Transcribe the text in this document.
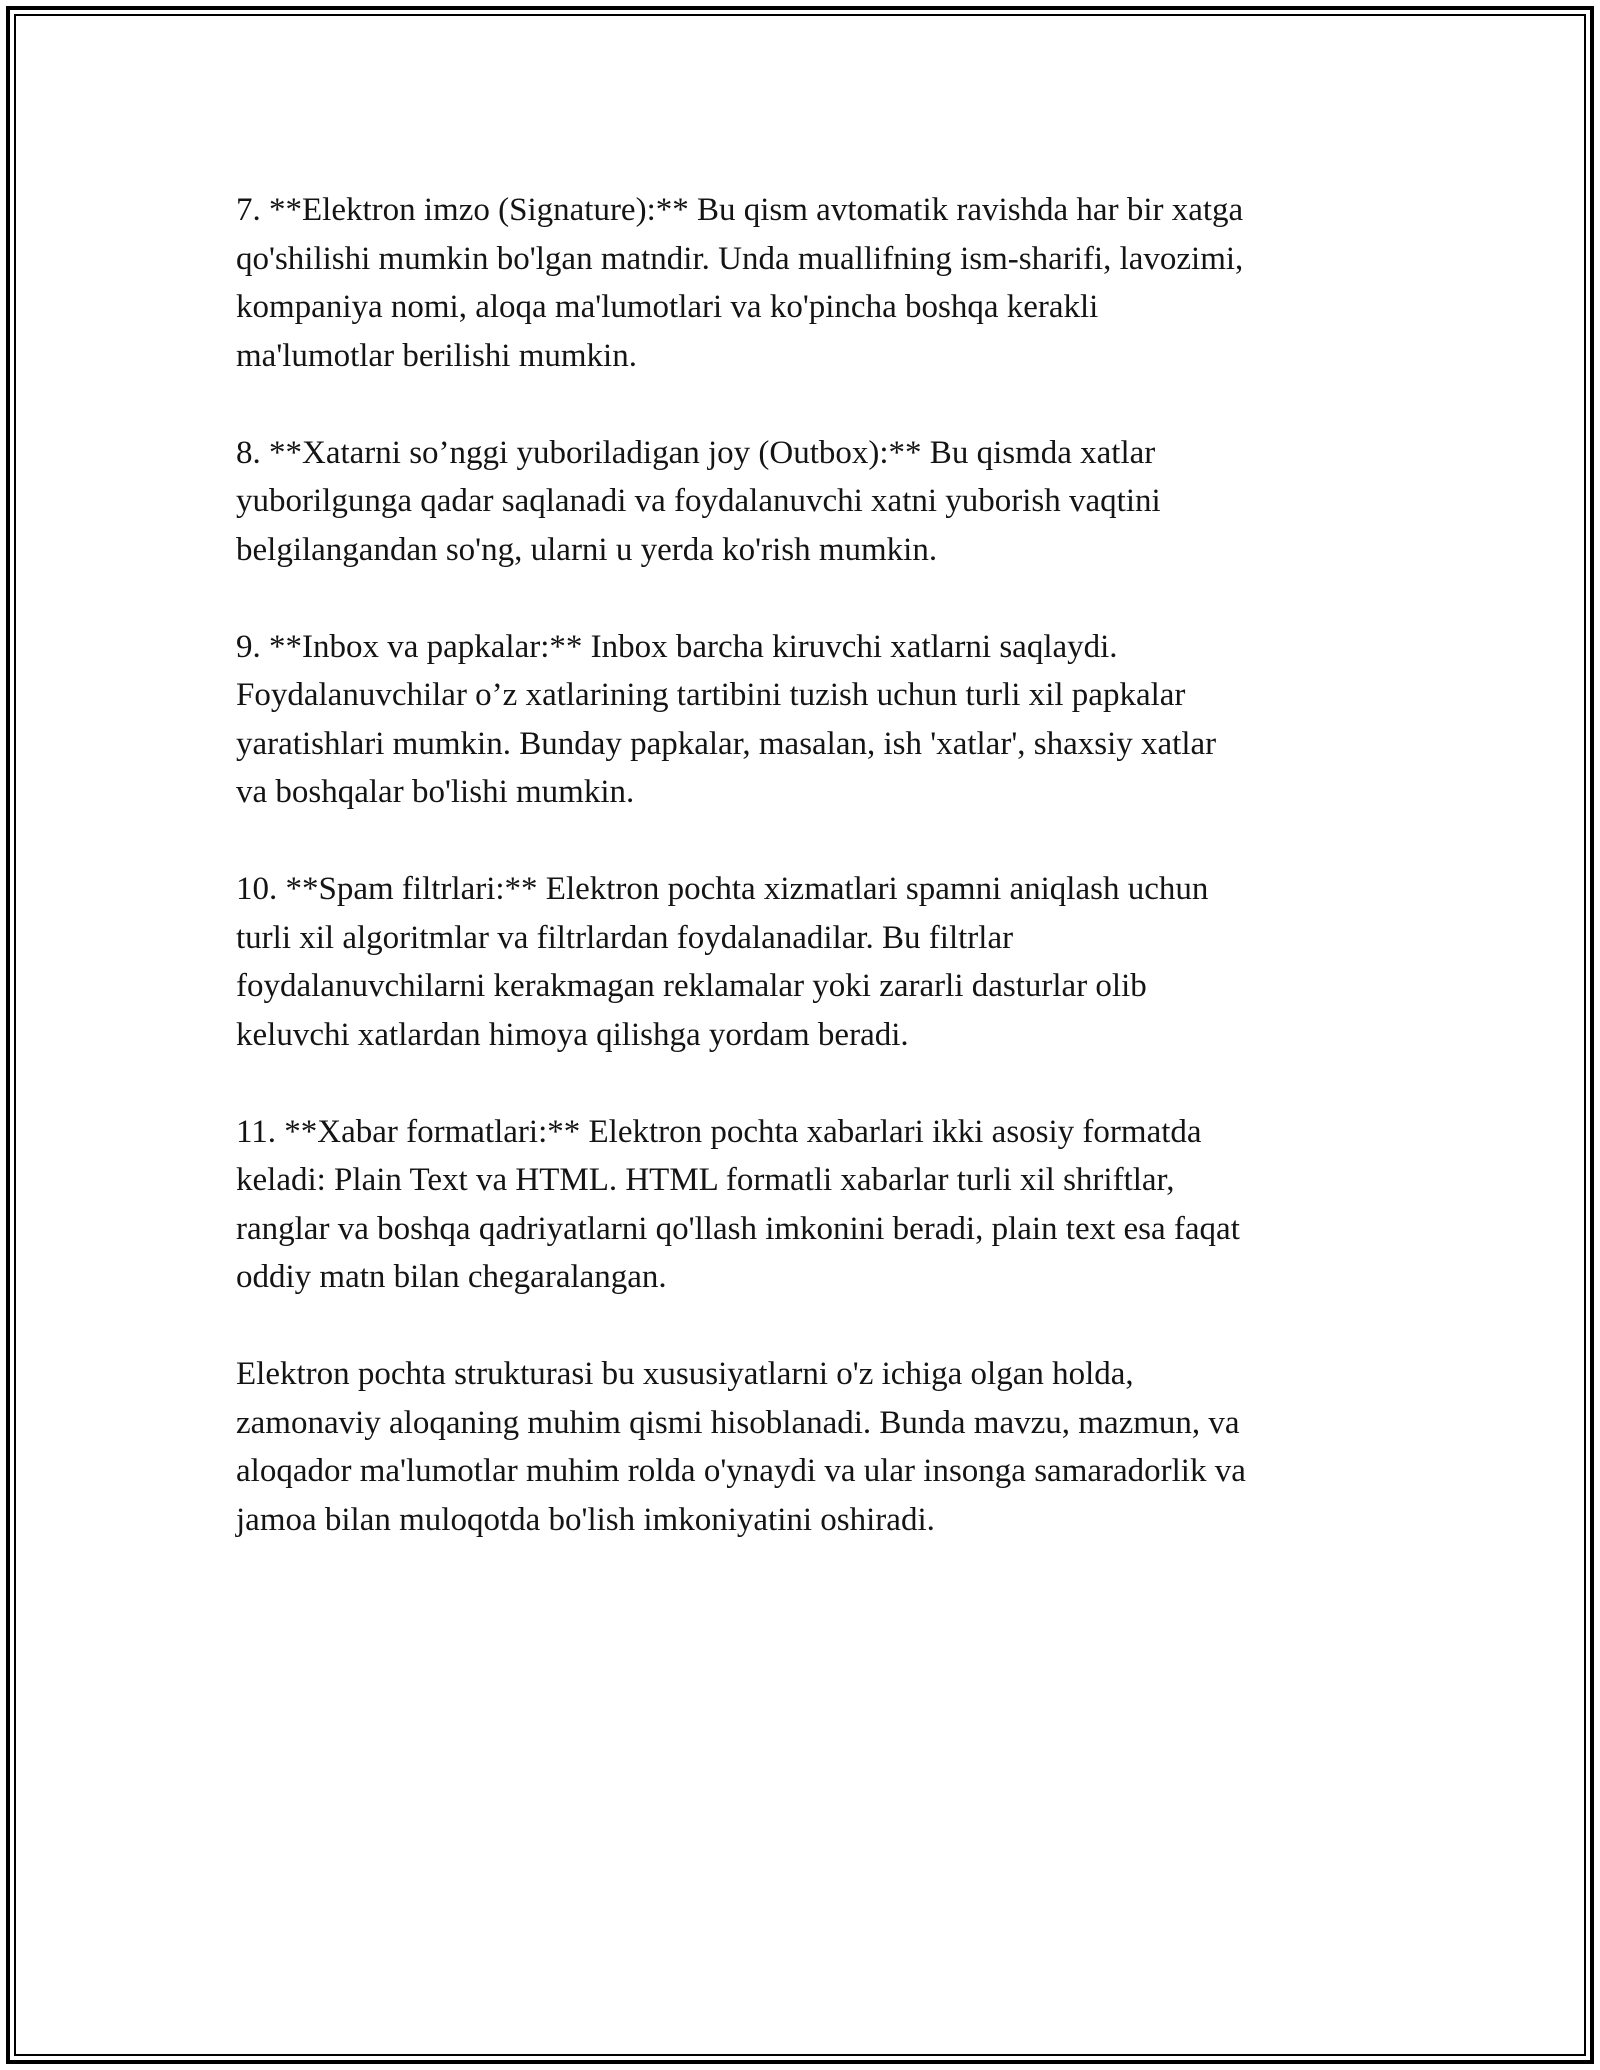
7. **Elektron imzo (Signature):** Bu qism avtomatik ravishda har bir xatga
qo'shilishi mumkin bo'lgan matndir. Unda muallifning ism-sharifi, lavozimi,
kompaniya nomi, aloqa ma'lumotlari va ko'pincha boshqa kerakli
ma'lumotlar berilishi mumkin.

8. **Xatarni so’nggi yuboriladigan joy (Outbox):** Bu qismda xatlar
yuborilgunga qadar saqlanadi va foydalanuvchi xatni yuborish vaqtini
belgilangandan so'ng, ularni u yerda ko'rish mumkin.

9. **Inbox va papkalar:** Inbox barcha kiruvchi xatlarni saqlaydi.
Foydalanuvchilar o’z xatlarining tartibini tuzish uchun turli xil papkalar
yaratishlari mumkin. Bunday papkalar, masalan, ish 'xatlar', shaxsiy xatlar
va boshqalar bo'lishi mumkin.

10. **Spam filtrlari:** Elektron pochta xizmatlari spamni aniqlash uchun
turli xil algoritmlar va filtrlardan foydalanadilar. Bu filtrlar
foydalanuvchilarni kerakmagan reklamalar yoki zararli dasturlar olib
keluvchi xatlardan himoya qilishga yordam beradi.

11. **Xabar formatlari:** Elektron pochta xabarlari ikki asosiy formatda
keladi: Plain Text va HTML. HTML formatli xabarlar turli xil shriftlar,
ranglar va boshqa qadriyatlarni qo'llash imkonini beradi, plain text esa faqat
oddiy matn bilan chegaralangan.

Elektron pochta strukturasi bu xususiyatlarni o'z ichiga olgan holda,
zamonaviy aloqaning muhim qismi hisoblanadi. Bunda mavzu, mazmun, va
aloqador ma'lumotlar muhim rolda o'ynaydi va ular insonga samaradorlik va
jamoa bilan muloqotda bo'lish imkoniyatini oshiradi.
